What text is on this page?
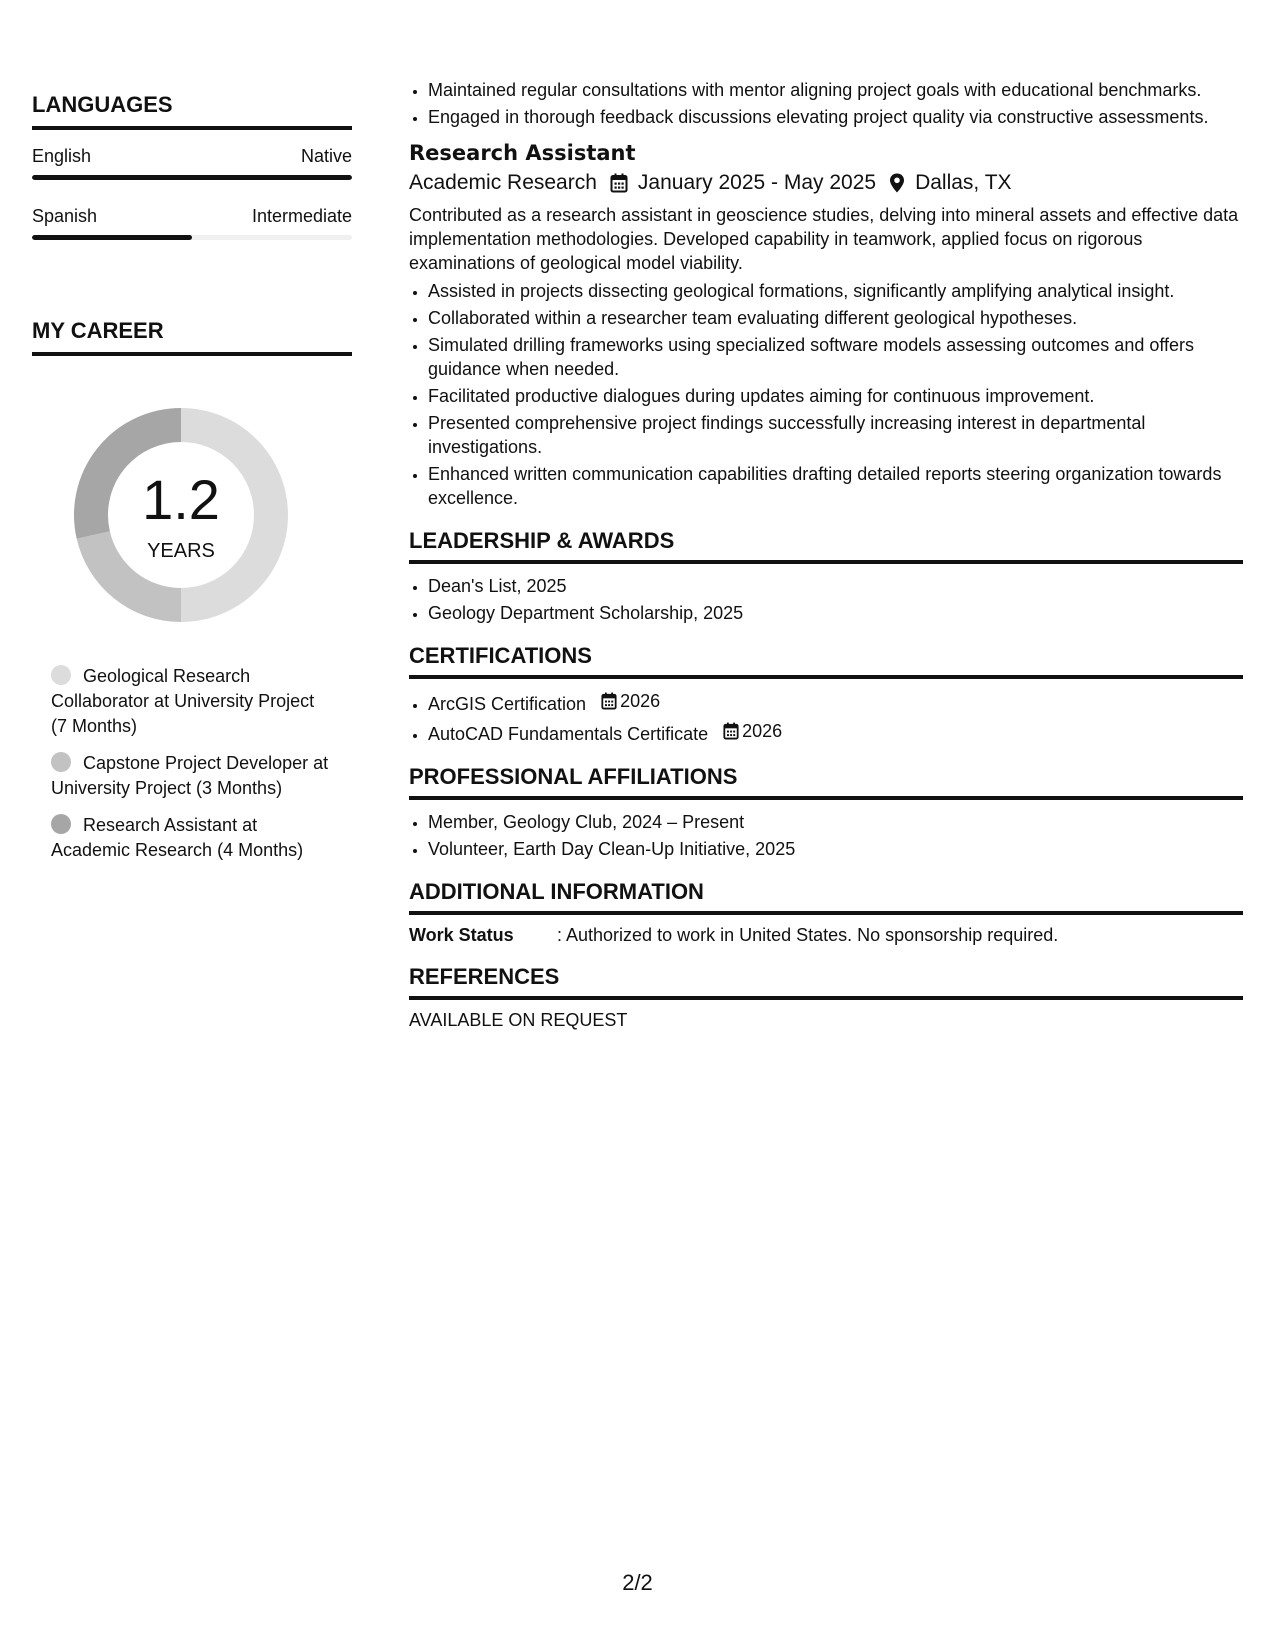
LANGUAGES
English	Native
Spanish	Intermediate
MY CAREER
1.2
YEARS
Geological Research Collaborator at University Project (7 Months)
Capstone Project Developer at University Project (3 Months)
Research Assistant at Academic Research (4 Months)
• Maintained regular consultations with mentor aligning project goals with educational benchmarks.
• Engaged in thorough feedback discussions elevating project quality via constructive assessments.
Research Assistant
Academic Research January 2025 - May 2025 Dallas, TX
Contributed as a research assistant in geoscience studies, delving into mineral assets and effective data implementation methodologies. Developed capability in teamwork, applied focus on rigorous examinations of geological model viability.
• Assisted in projects dissecting geological formations, significantly amplifying analytical insight.
• Collaborated within a researcher team evaluating different geological hypotheses.
• Simulated drilling frameworks using specialized software models assessing outcomes and offers guidance when needed.
• Facilitated productive dialogues during updates aiming for continuous improvement.
• Presented comprehensive project findings successfully increasing interest in departmental investigations.
• Enhanced written communication capabilities drafting detailed reports steering organization towards excellence.
LEADERSHIP & AWARDS
• Dean's List, 2025
• Geology Department Scholarship, 2025
CERTIFICATIONS
• ArcGIS Certification 2026
• AutoCAD Fundamentals Certificate 2026
PROFESSIONAL AFFILIATIONS
• Member, Geology Club, 2024 – Present
• Volunteer, Earth Day Clean-Up Initiative, 2025
ADDITIONAL INFORMATION
Work Status	: Authorized to work in United States. No sponsorship required.
REFERENCES
AVAILABLE ON REQUEST
2/2
